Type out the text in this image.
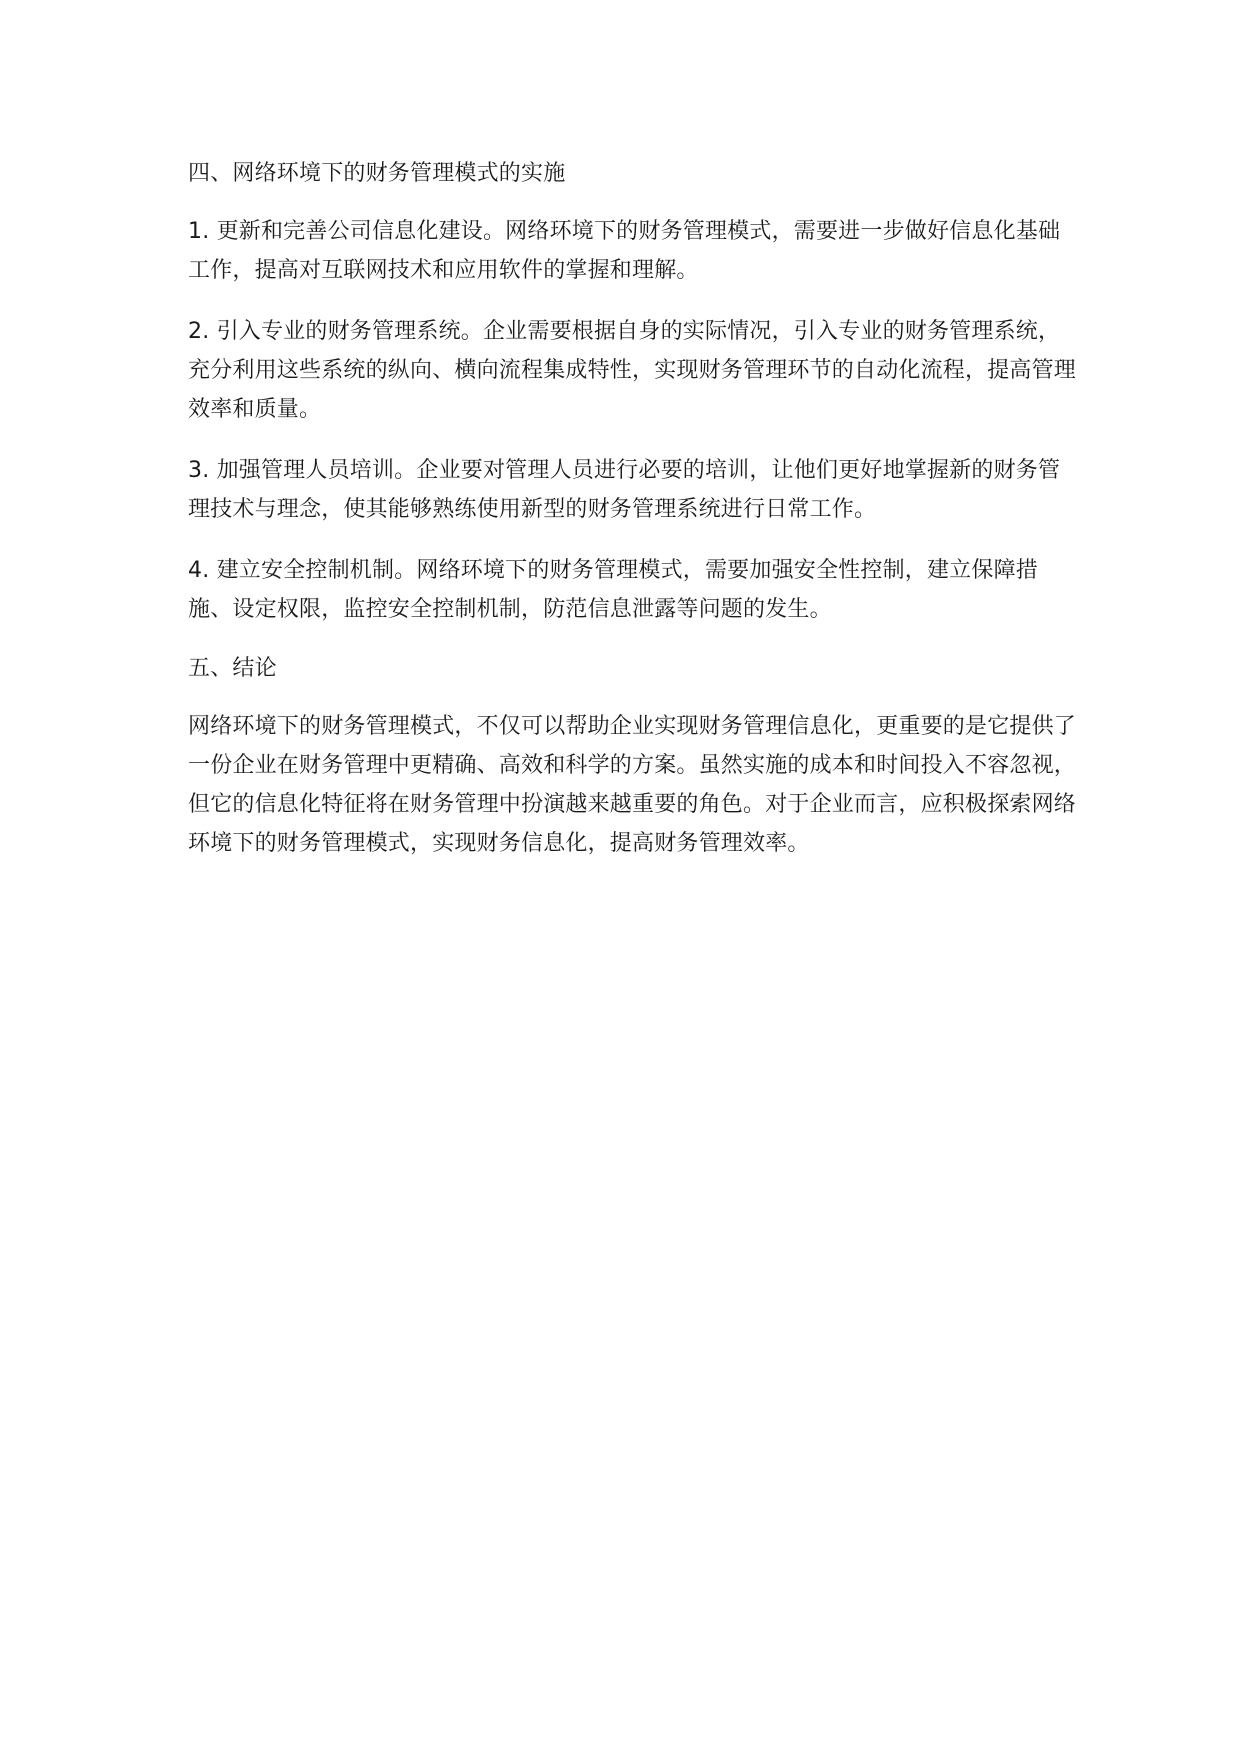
四、网络环境下的财务管理模式的实施

1. 更新和完善公司信息化建设。网络环境下的财务管理模式，需要进一步做好信息化基础工作，提高对互联网技术和应用软件的掌握和理解。

2. 引入专业的财务管理系统。企业需要根据自身的实际情况，引入专业的财务管理系统，充分利用这些系统的纵向、横向流程集成特性，实现财务管理环节的自动化流程，提高管理效率和质量。

3. 加强管理人员培训。企业要对管理人员进行必要的培训，让他们更好地掌握新的财务管理技术与理念，使其能够熟练使用新型的财务管理系统进行日常工作。

4. 建立安全控制机制。网络环境下的财务管理模式，需要加强安全性控制，建立保障措施、设定权限，监控安全控制机制，防范信息泄露等问题的发生。

五、结论

网络环境下的财务管理模式，不仅可以帮助企业实现财务管理信息化，更重要的是它提供了一份企业在财务管理中更精确、高效和科学的方案。虽然实施的成本和时间投入不容忽视，但它的信息化特征将在财务管理中扮演越来越重要的角色。对于企业而言，应积极探索网络环境下的财务管理模式，实现财务信息化，提高财务管理效率。
